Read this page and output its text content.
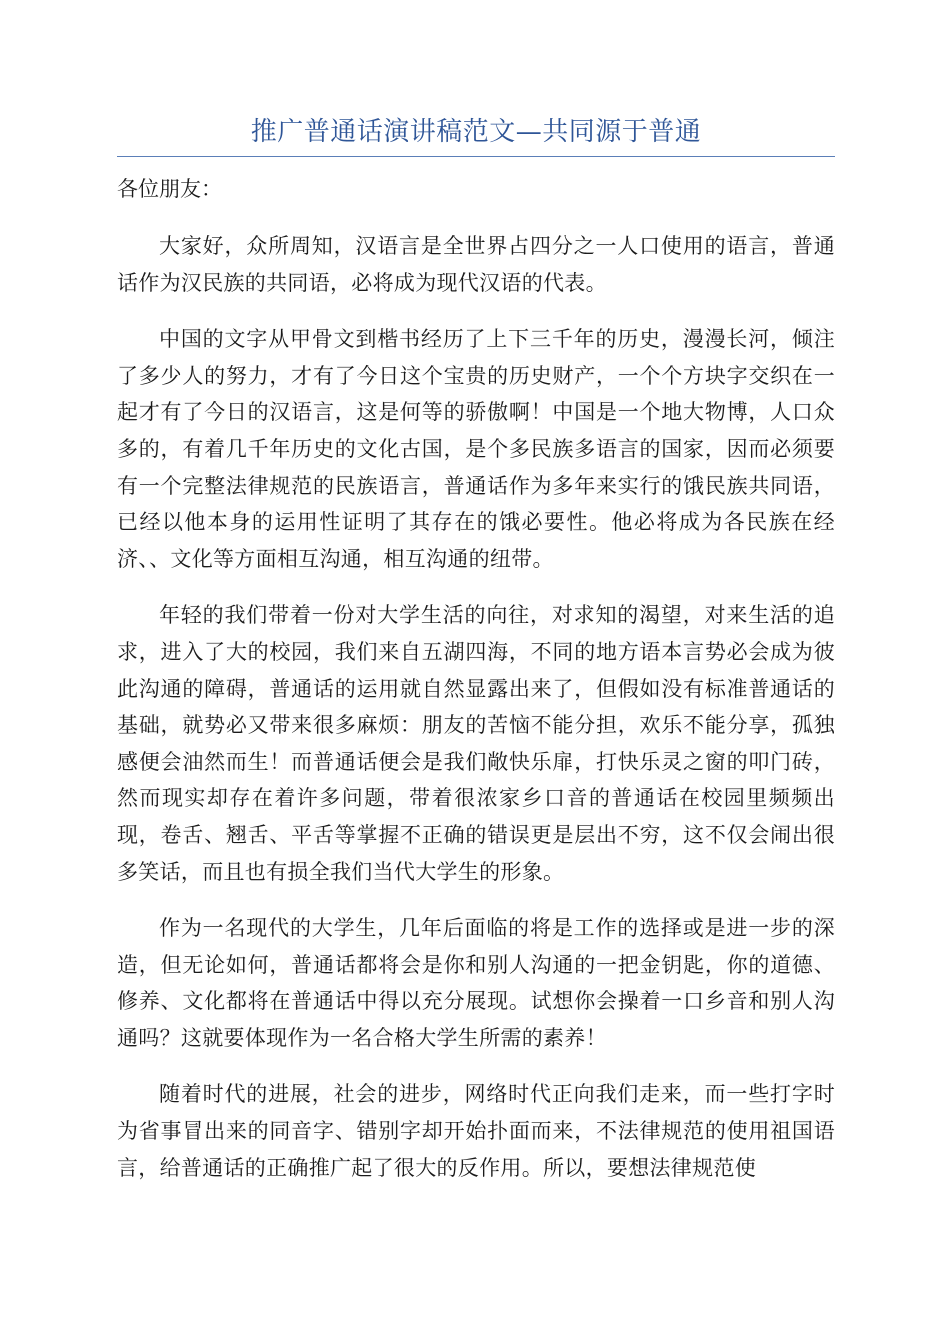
推广普通话演讲稿范文—共同源于普通

各位朋友：

大家好，众所周知，汉语言是全世界占四分之一人口使用的语言，普通话作为汉民族的共同语，必将成为现代汉语的代表。

中国的文字从甲骨文到楷书经历了上下三千年的历史，漫漫长河，倾注了多少人的努力，才有了今日这个宝贵的历史财产，一个个方块字交织在一起才有了今日的汉语言，这是何等的骄傲啊！中国是一个地大物博，人口众多的，有着几千年历史的文化古国，是个多民族多语言的国家，因而必须要有一个完整法律规范的民族语言，普通话作为多年来实行的饿民族共同语，已经以他本身的运用性证明了其存在的饿必要性。他必将成为各民族在经济、、文化等方面相互沟通，相互沟通的纽带。

年轻的我们带着一份对大学生活的向往，对求知的渴望，对来生活的追求，进入了大的校园，我们来自五湖四海，不同的地方语本言势必会成为彼此沟通的障碍，普通话的运用就自然显露出来了，但假如没有标准普通话的基础，就势必又带来很多麻烦：朋友的苦恼不能分担，欢乐不能分享，孤独感便会油然而生！而普通话便会是我们敞快乐扉，打快乐灵之窗的叩门砖，然而现实却存在着许多问题，带着很浓家乡口音的普通话在校园里频频出现，卷舌、翘舌、平舌等掌握不正确的错误更是层出不穷，这不仅会闹出很多笑话，而且也有损全我们当代大学生的形象。

作为一名现代的大学生，几年后面临的将是工作的选择或是进一步的深造，但无论如何，普通话都将会是你和别人沟通的一把金钥匙，你的道德、修养、文化都将在普通话中得以充分展现。试想你会操着一口乡音和别人沟通吗？这就要体现作为一名合格大学生所需的素养！

随着时代的进展，社会的进步，网络时代正向我们走来，而一些打字时为省事冒出来的同音字、错别字却开始扑面而来，不法律规范的使用祖国语言，给普通话的正确推广起了很大的反作用。所以，要想法律规范使
